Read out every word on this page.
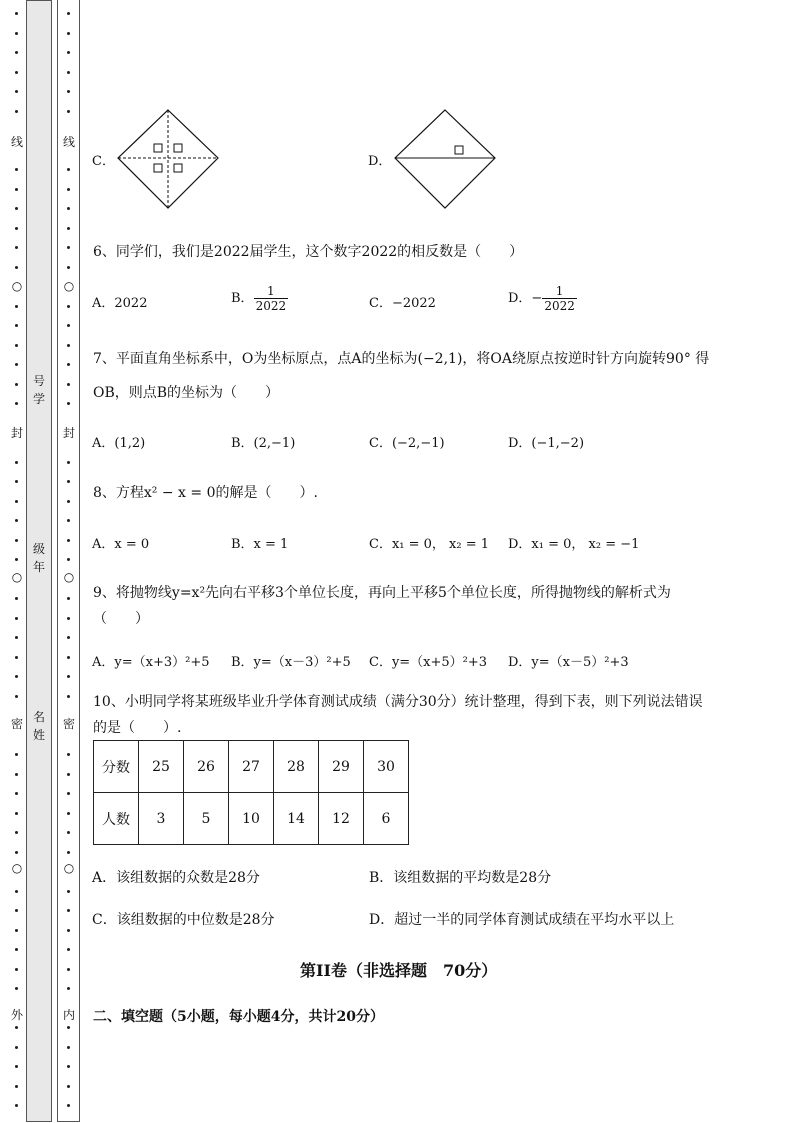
线
○
封
○
密
○
外
线
○
封
○
密
○
内
号学
级年
名姓
C．	D．
6、同学们，我们是2022届学生，这个数字2022的相反数是（　　）
A．2022	B． $\frac{1}{2022}$	C．−2022	D．− $\frac{1}{2022}$
7、平面直角坐标系中，O为坐标原点，点A的坐标为(−2,1)，将OA绕原点按逆时针方向旋转90° 得
OB，则点B的坐标为（　　）
A．(1,2)	B．(2,−1)	C．(−2,−1)	D．(−1,−2)
8、方程x² − x = 0的解是（　　）.
A．x = 0	B．x = 1	C．x₁ = 0， x₂ = 1 D．x₁ = 0， x₂ = −1
9、将抛物线y=x²先向右平移3个单位长度，再向上平移5个单位长度，所得抛物线的解析式为
（　　）
A．y=（x+3）²+5 B．y=（x－3）²+5 C．y=（x+5）²+3 D．y=（x－5）²+3
10、小明同学将某班级毕业升学体育测试成绩（满分30分）统计整理，得到下表，则下列说法错误
的是（　　）.
分数	25	26	27	28	29	30
人数	3	5	10	14	12	6
A．该组数据的众数是28分	B．该组数据的平均数是28分
C．该组数据的中位数是28分	D．超过一半的同学体育测试成绩在平均水平以上
第II卷（非选择题　70分）
二、填空题（5小题，每小题4分，共计20分）
